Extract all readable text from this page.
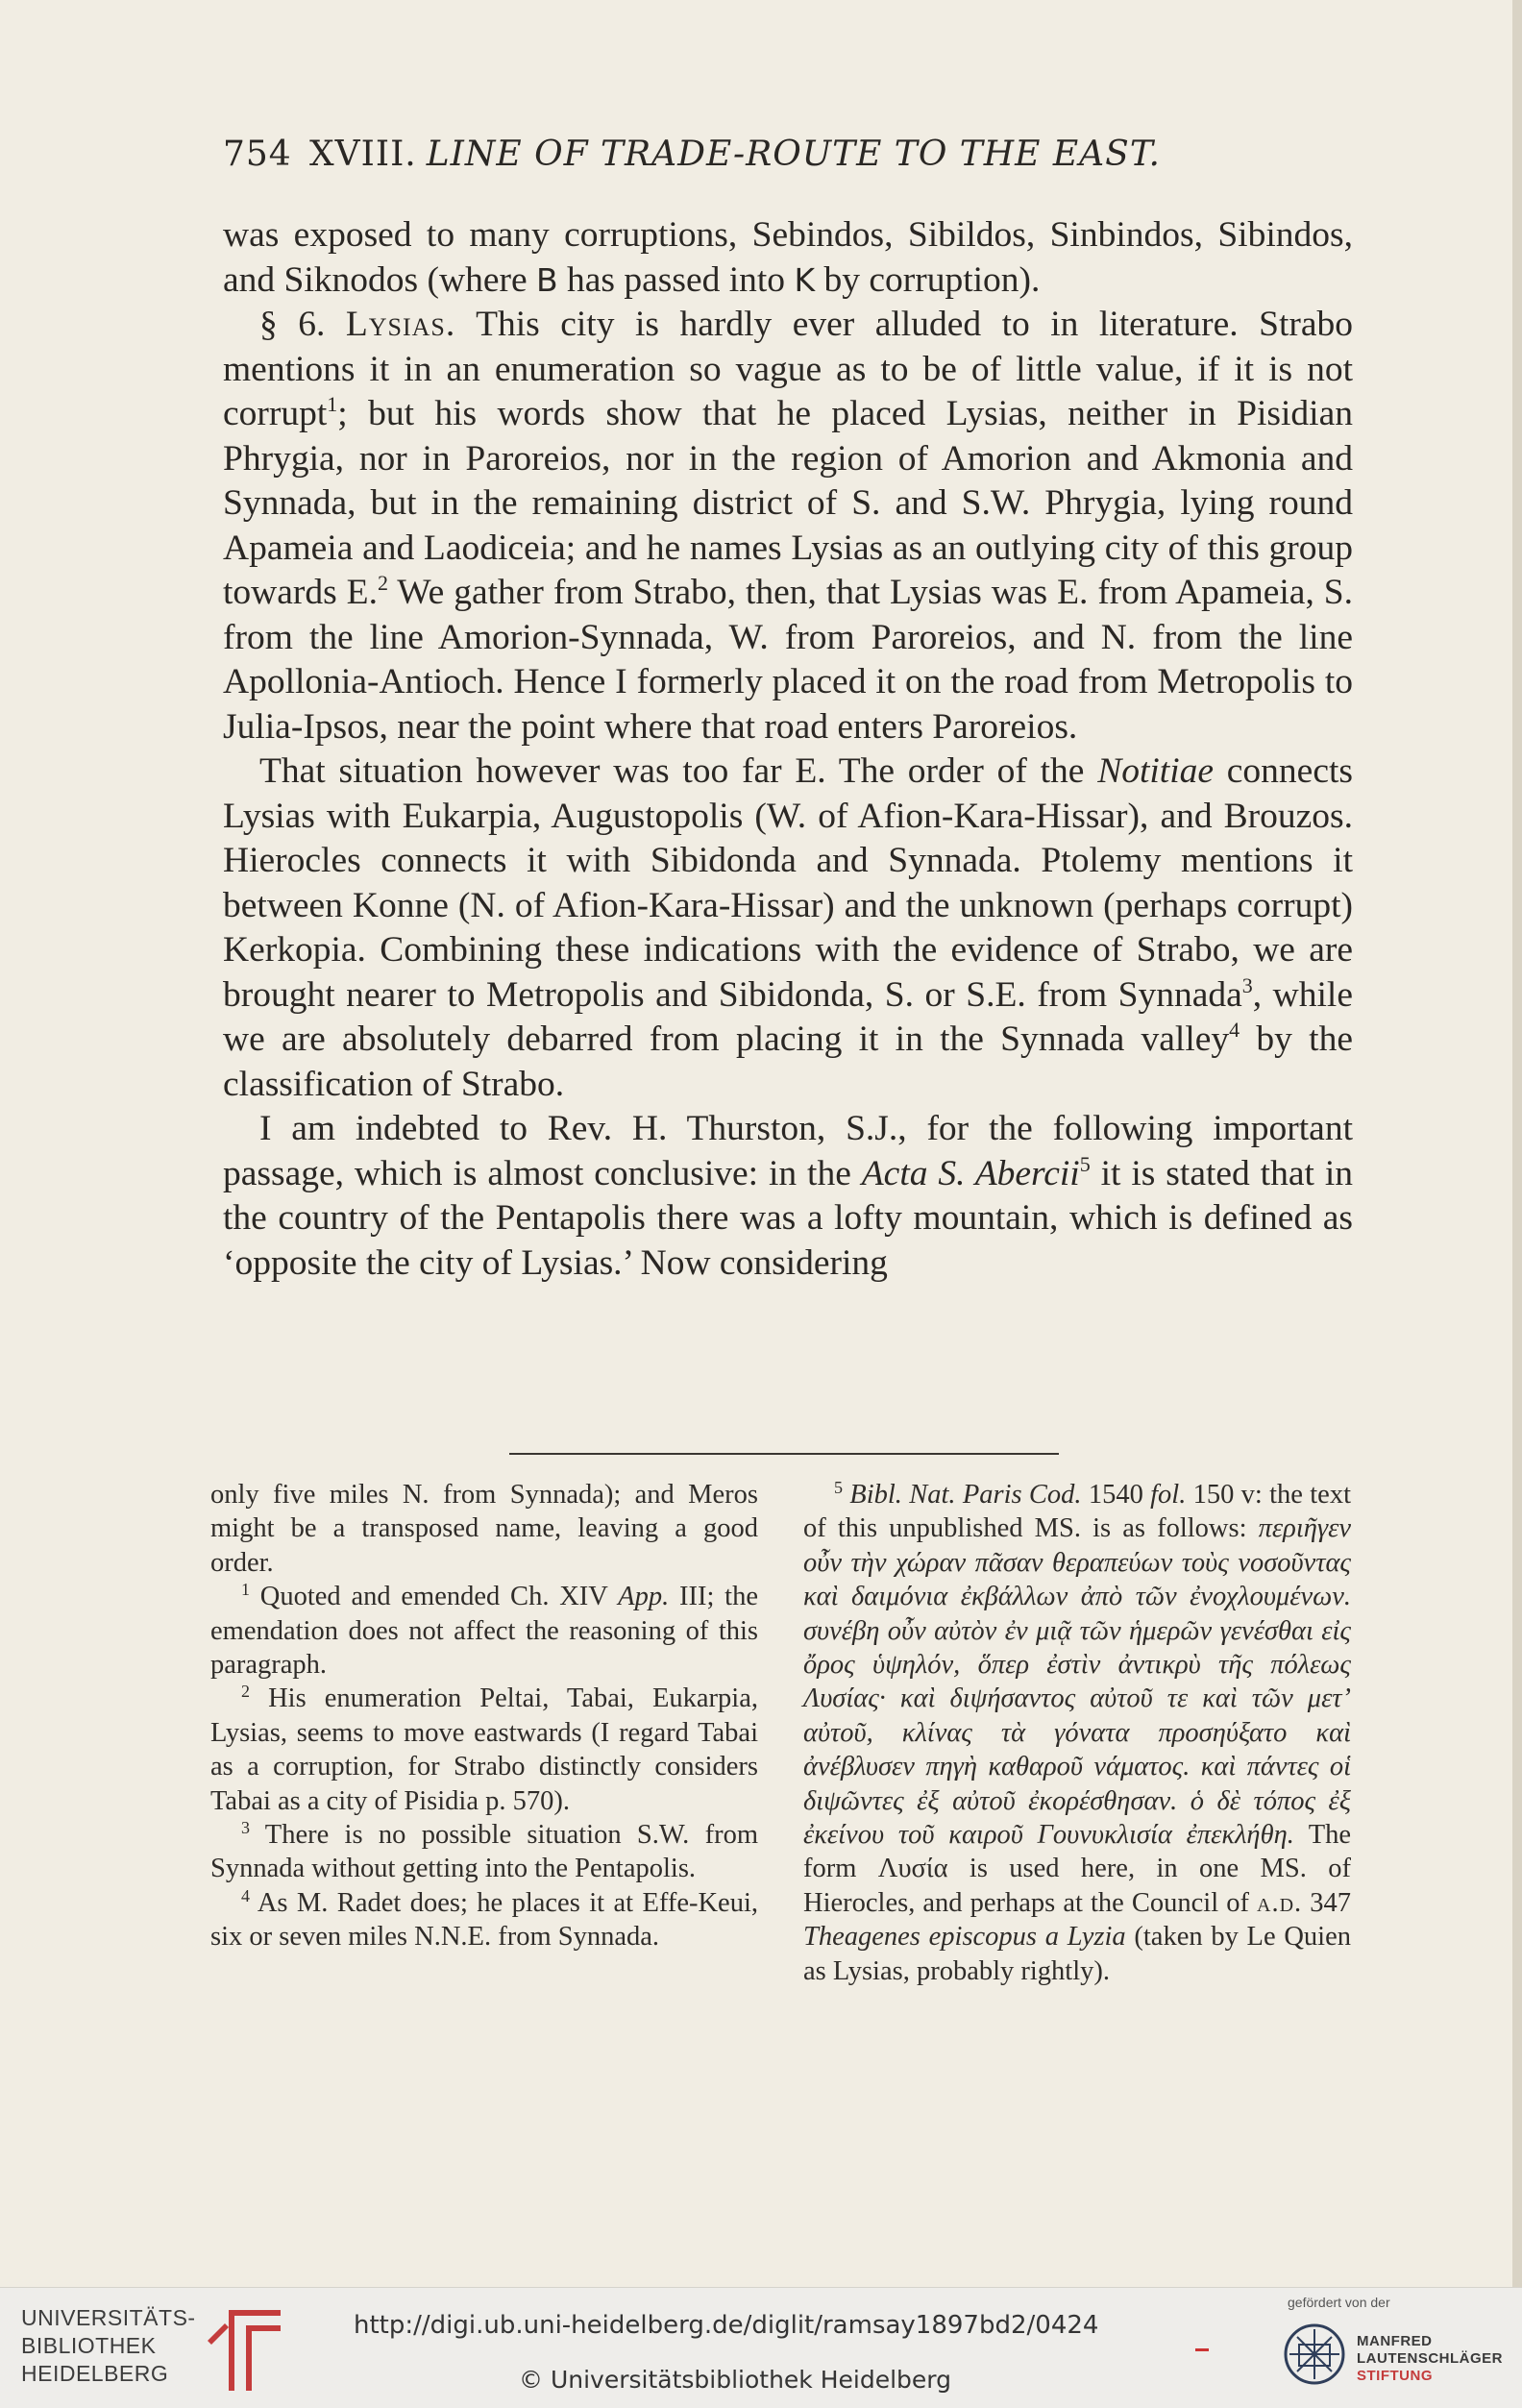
754 XVIII. LINE OF TRADE-ROUTE TO THE EAST.

was exposed to many corruptions, Sebindos, Sibildos, Sinbindos, Sibindos, and Siknodos (where B has passed into K by corruption).

§ 6. Lysias. This city is hardly ever alluded to in literature. Strabo mentions it in an enumeration so vague as to be of little value, if it is not corrupt$^1$; but his words show that he placed Lysias, neither in Pisidian Phrygia, nor in Paroreios, nor in the region of Amorion and Akmonia and Synnada, but in the remaining district of S. and S.W. Phrygia, lying round Apameia and Laodiceia; and he names Lysias as an outlying city of this group towards E.$^2$ We gather from Strabo, then, that Lysias was E. from Apameia, S. from the line Amorion-Synnada, W. from Paroreios, and N. from the line Apollonia-Antioch. Hence I formerly placed it on the road from Metropolis to Julia-Ipsos, near the point where that road enters Paroreios.

That situation however was too far E. The order of the Notitiae connects Lysias with Eukarpia, Augustopolis (W. of Afion-Kara-Hissar), and Brouzos. Hierocles connects it with Sibidonda and Synnada. Ptolemy mentions it between Konne (N. of Afion-Kara-Hissar) and the unknown (perhaps corrupt) Kerkopia. Combining these indications with the evidence of Strabo, we are brought nearer to Metropolis and Sibidonda, S. or S.E. from Synnada$^3$, while we are absolutely debarred from placing it in the Synnada valley$^4$ by the classification of Strabo.

I am indebted to Rev. H. Thurston, S.J., for the following important passage, which is almost conclusive: in the Acta S. Abercii$^5$ it is stated that in the country of the Pentapolis there was a lofty mountain, which is defined as ‘opposite the city of Lysias.’ Now considering

only five miles N. from Synnada); and Meros might be a transposed name, leaving a good order.

$^1$ Quoted and emended Ch. XIV App. III; the emendation does not affect the reasoning of this paragraph.

$^2$ His enumeration Peltai, Tabai, Eukarpia, Lysias, seems to move eastwards (I regard Tabai as a corruption, for Strabo distinctly considers Tabai as a city of Pisidia p. 570).

$^3$ There is no possible situation S.W. from Synnada without getting into the Pentapolis.

$^4$ As M. Radet does; he places it at Effe-Keui, six or seven miles N.N.E. from Synnada.

$^5$ Bibl. Nat. Paris Cod. 1540 fol. 150 v: the text of this unpublished MS. is as follows: περιῆγεν οὖν τὴν χώραν πᾶσαν θεραπεύων τοὺς νοσοῦντας καὶ δαιμόνια ἐκβάλλων ἀπὸ τῶν ἐνοχλουμένων. συνέβη οὖν αὐτὸν ἐν μιᾷ τῶν ἡμερῶν γενέσθαι εἰς ὄρος ὑψηλόν, ὅπερ ἐστὶν ἀντικρὺ τῆς πόλεως Λυσίας· καὶ διψήσαντος αὐτοῦ τε καὶ τῶν μετ’ αὐτοῦ, κλίνας τὰ γόνατα προσηύξατο καὶ ἀνέβλυσεν πηγὴ καθαροῦ νάματος. καὶ πάντες οἱ διψῶντες ἐξ αὐτοῦ ἐκορέσθησαν. ὁ δὲ τόπος ἐξ ἐκείνου τοῦ καιροῦ Γουνυκλισία ἐπεκλήθη. The form Λυσία is used here, in one MS. of Hierocles, and perhaps at the Council of a.d. 347 Theagenes episcopus a Lyzia (taken by Le Quien as Lysias, probably rightly).

UNIVERSITÄTS-
BIBLIOTHEK
HEIDELBERG
http://digi.ub.uni-heidelberg.de/diglit/ramsay1897bd2/0424
© Universitätsbibliothek Heidelberg
gefördert von der
MANFRED
LAUTENSCHLÄGER
STIFTUNG
